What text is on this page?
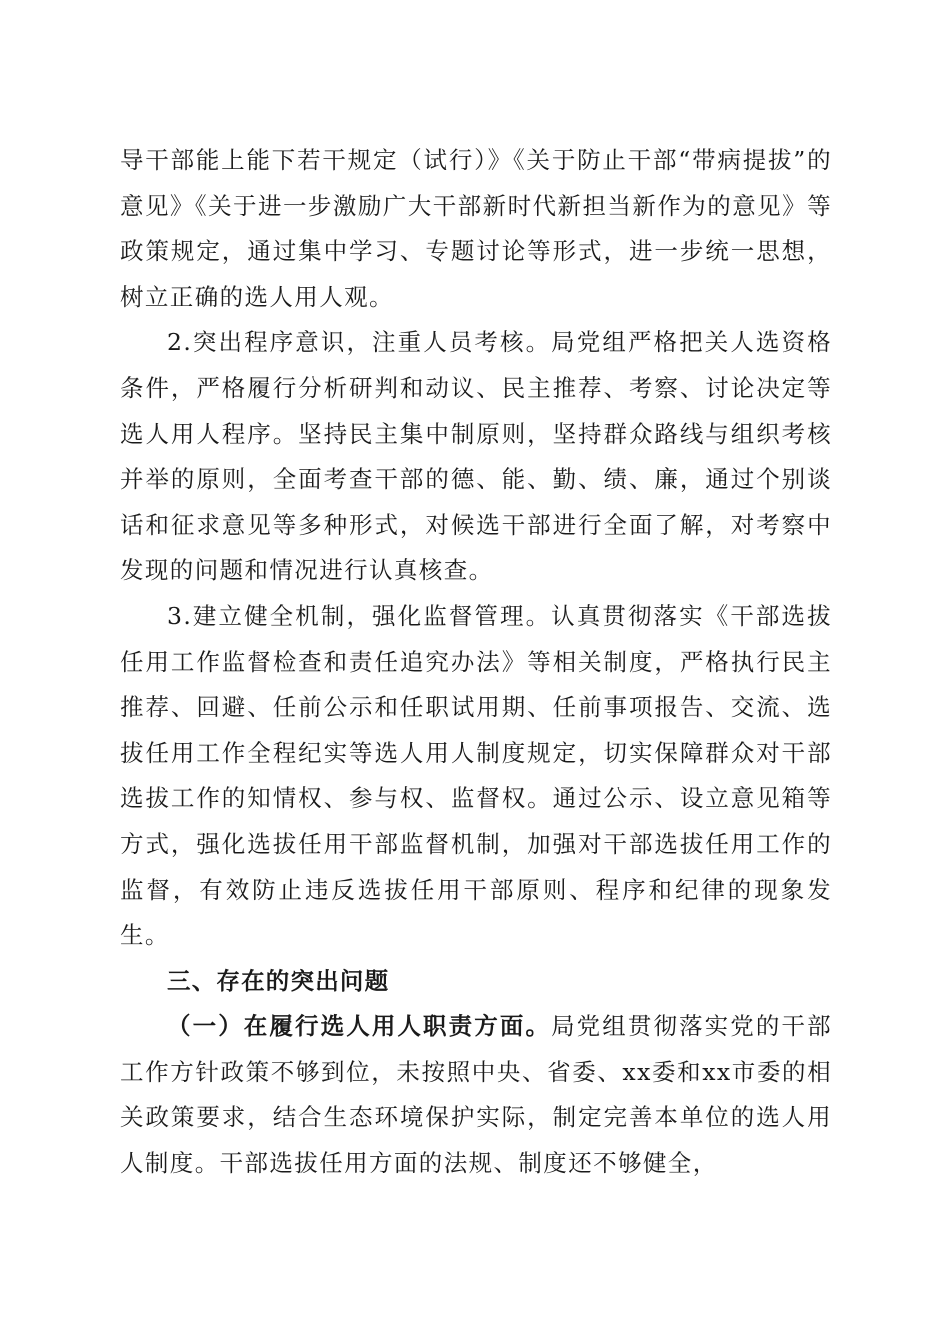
导干部能上能下若干规定（试行）》《关于防止干部“带病提拔”的意见》《关于进一步激励广大干部新时代新担当新作为的意见》等政策规定，通过集中学习、专题讨论等形式，进一步统一思想，树立正确的选人用人观。

2.突出程序意识，注重人员考核。局党组严格把关人选资格条件，严格履行分析研判和动议、民主推荐、考察、讨论决定等选人用人程序。坚持民主集中制原则，坚持群众路线与组织考核并举的原则，全面考查干部的德、能、勤、绩、廉，通过个别谈话和征求意见等多种形式，对候选干部进行全面了解，对考察中发现的问题和情况进行认真核查。

3.建立健全机制，强化监督管理。认真贯彻落实《干部选拔任用工作监督检查和责任追究办法》等相关制度，严格执行民主推荐、回避、任前公示和任职试用期、任前事项报告、交流、选拔任用工作全程纪实等选人用人制度规定，切实保障群众对干部选拔工作的知情权、参与权、监督权。通过公示、设立意见箱等方式，强化选拔任用干部监督机制，加强对干部选拔任用工作的监督，有效防止违反选拔任用干部原则、程序和纪律的现象发生。

三、存在的突出问题

（一）在履行选人用人职责方面。局党组贯彻落实党的干部工作方针政策不够到位，未按照中央、省委、xx委和xx市委的相关政策要求，结合生态环境保护实际，制定完善本单位的选人用人制度。干部选拔任用方面的法规、制度还不够健全，
